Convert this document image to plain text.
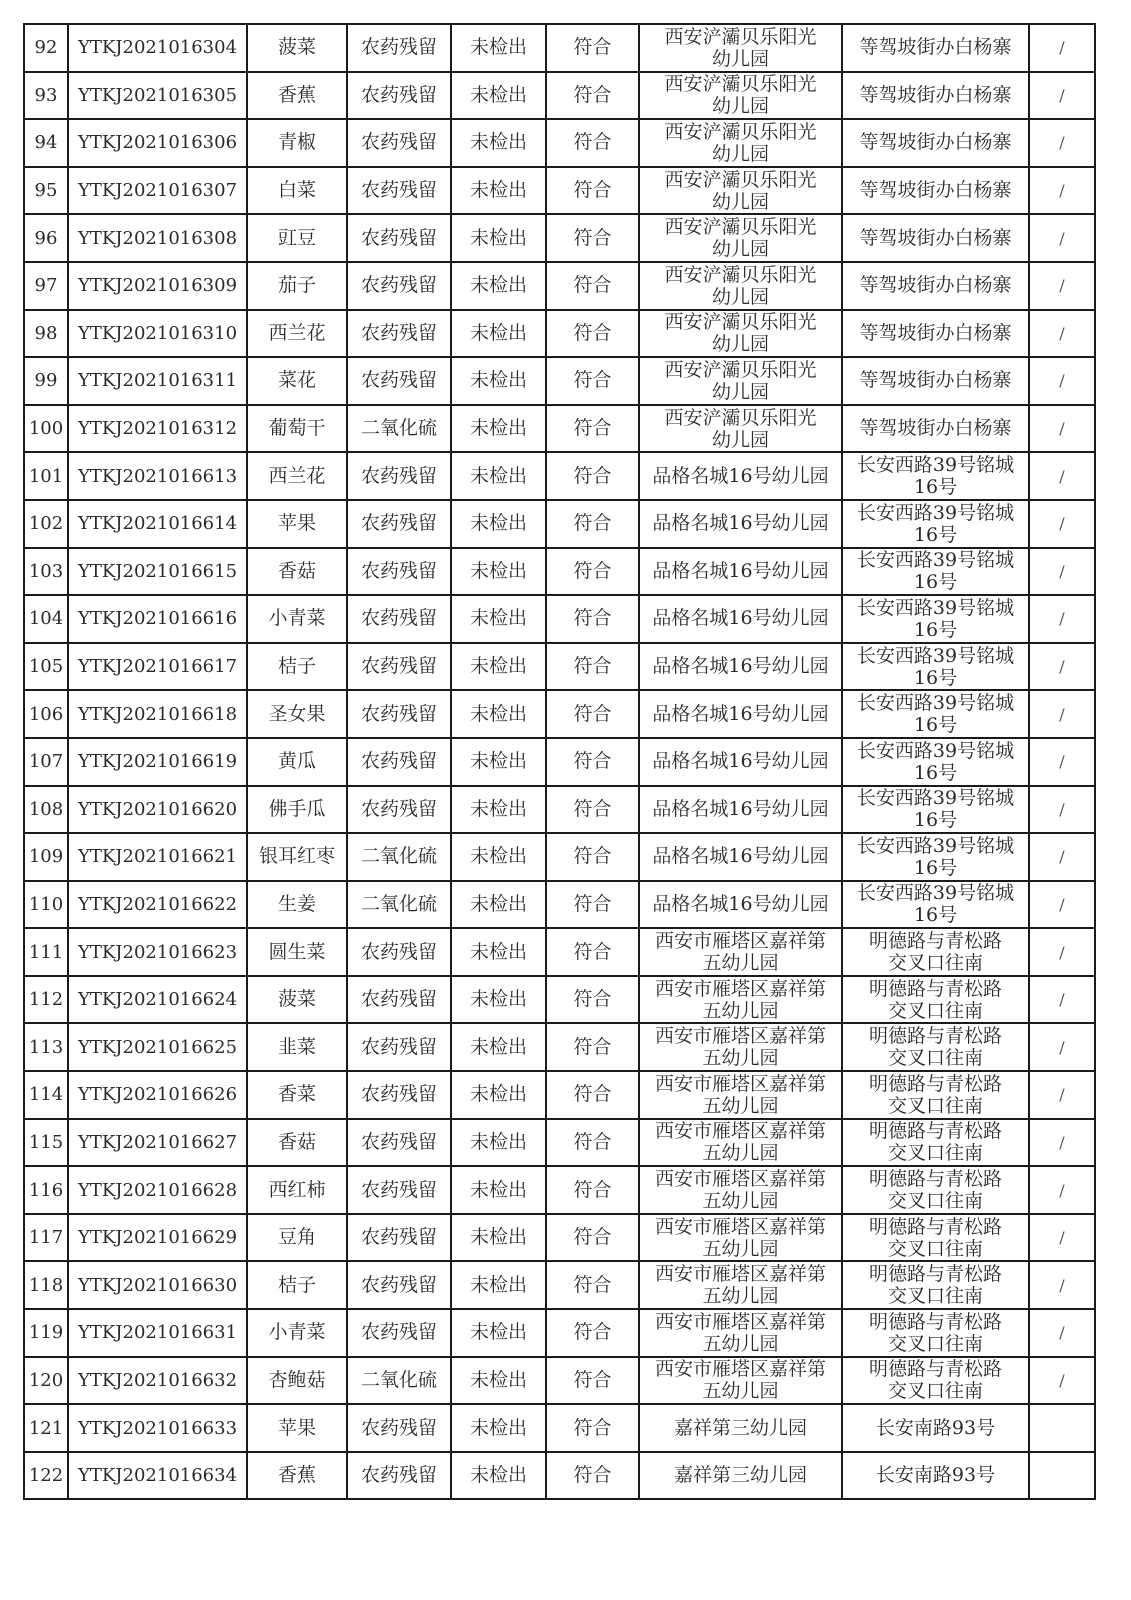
92	YTKJ2021016304	菠菜	农药残留	未检出	符合	西安浐灞贝乐阳光
幼儿园	等驾坡街办白杨寨	/
93	YTKJ2021016305	香蕉	农药残留	未检出	符合	西安浐灞贝乐阳光
幼儿园	等驾坡街办白杨寨	/
94	YTKJ2021016306	青椒	农药残留	未检出	符合	西安浐灞贝乐阳光
幼儿园	等驾坡街办白杨寨	/
95	YTKJ2021016307	白菜	农药残留	未检出	符合	西安浐灞贝乐阳光
幼儿园	等驾坡街办白杨寨	/
96	YTKJ2021016308	豇豆	农药残留	未检出	符合	西安浐灞贝乐阳光
幼儿园	等驾坡街办白杨寨	/
97	YTKJ2021016309	茄子	农药残留	未检出	符合	西安浐灞贝乐阳光
幼儿园	等驾坡街办白杨寨	/
98	YTKJ2021016310	西兰花	农药残留	未检出	符合	西安浐灞贝乐阳光
幼儿园	等驾坡街办白杨寨	/
99	YTKJ2021016311	菜花	农药残留	未检出	符合	西安浐灞贝乐阳光
幼儿园	等驾坡街办白杨寨	/
100	YTKJ2021016312	葡萄干	二氧化硫	未检出	符合	西安浐灞贝乐阳光
幼儿园	等驾坡街办白杨寨	/
101	YTKJ2021016613	西兰花	农药残留	未检出	符合	品格名城16号幼儿园	长安西路39号铭城
16号	/
102	YTKJ2021016614	苹果	农药残留	未检出	符合	品格名城16号幼儿园	长安西路39号铭城
16号	/
103	YTKJ2021016615	香菇	农药残留	未检出	符合	品格名城16号幼儿园	长安西路39号铭城
16号	/
104	YTKJ2021016616	小青菜	农药残留	未检出	符合	品格名城16号幼儿园	长安西路39号铭城
16号	/
105	YTKJ2021016617	桔子	农药残留	未检出	符合	品格名城16号幼儿园	长安西路39号铭城
16号	/
106	YTKJ2021016618	圣女果	农药残留	未检出	符合	品格名城16号幼儿园	长安西路39号铭城
16号	/
107	YTKJ2021016619	黄瓜	农药残留	未检出	符合	品格名城16号幼儿园	长安西路39号铭城
16号	/
108	YTKJ2021016620	佛手瓜	农药残留	未检出	符合	品格名城16号幼儿园	长安西路39号铭城
16号	/
109	YTKJ2021016621	银耳红枣	二氧化硫	未检出	符合	品格名城16号幼儿园	长安西路39号铭城
16号	/
110	YTKJ2021016622	生姜	二氧化硫	未检出	符合	品格名城16号幼儿园	长安西路39号铭城
16号	/
111	YTKJ2021016623	圆生菜	农药残留	未检出	符合	西安市雁塔区嘉祥第
五幼儿园	明德路与青松路
交叉口往南	/
112	YTKJ2021016624	菠菜	农药残留	未检出	符合	西安市雁塔区嘉祥第
五幼儿园	明德路与青松路
交叉口往南	/
113	YTKJ2021016625	韭菜	农药残留	未检出	符合	西安市雁塔区嘉祥第
五幼儿园	明德路与青松路
交叉口往南	/
114	YTKJ2021016626	香菜	农药残留	未检出	符合	西安市雁塔区嘉祥第
五幼儿园	明德路与青松路
交叉口往南	/
115	YTKJ2021016627	香菇	农药残留	未检出	符合	西安市雁塔区嘉祥第
五幼儿园	明德路与青松路
交叉口往南	/
116	YTKJ2021016628	西红柿	农药残留	未检出	符合	西安市雁塔区嘉祥第
五幼儿园	明德路与青松路
交叉口往南	/
117	YTKJ2021016629	豆角	农药残留	未检出	符合	西安市雁塔区嘉祥第
五幼儿园	明德路与青松路
交叉口往南	/
118	YTKJ2021016630	桔子	农药残留	未检出	符合	西安市雁塔区嘉祥第
五幼儿园	明德路与青松路
交叉口往南	/
119	YTKJ2021016631	小青菜	农药残留	未检出	符合	西安市雁塔区嘉祥第
五幼儿园	明德路与青松路
交叉口往南	/
120	YTKJ2021016632	杏鲍菇	二氧化硫	未检出	符合	西安市雁塔区嘉祥第
五幼儿园	明德路与青松路
交叉口往南	/
121	YTKJ2021016633	苹果	农药残留	未检出	符合	嘉祥第三幼儿园	长安南路93号	
122	YTKJ2021016634	香蕉	农药残留	未检出	符合	嘉祥第三幼儿园	长安南路93号	
